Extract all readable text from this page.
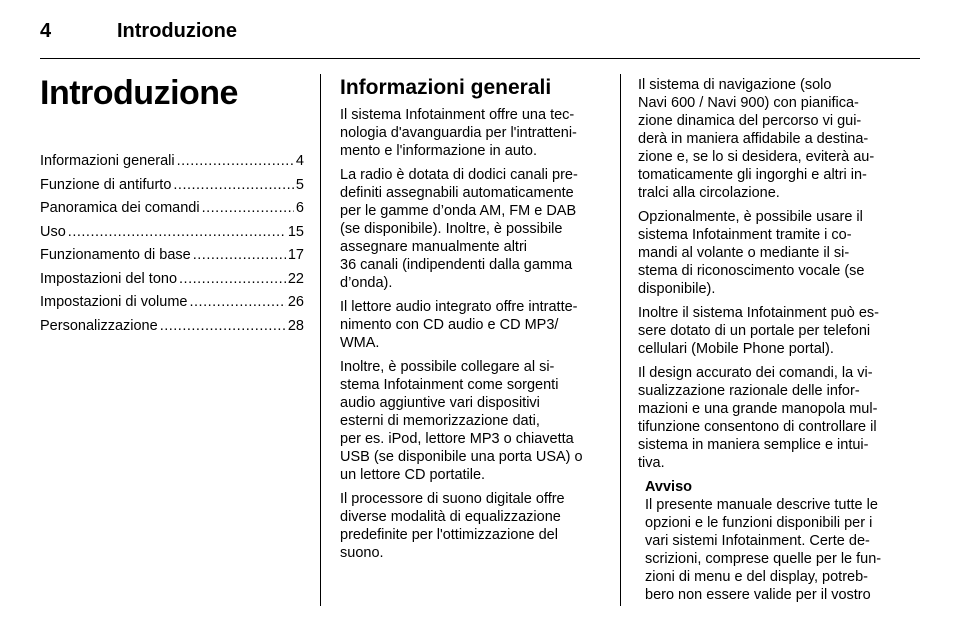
4	Introduzione
Introduzione
Informazioni generali .....	4
Funzione di antifurto .....	5
Panoramica dei comandi .....	6
Uso .....	15
Funzionamento di base .....	17
Impostazioni del tono .....	22
Impostazioni di volume .....	26
Personalizzazione .....	28
Informazioni generali

Il sistema Infotainment offre una tec-
nologia d'avanguardia per l'intratteni-
mento e l'informazione in auto.

La radio è dotata di dodici canali pre-
definiti assegnabili automaticamente
per le gamme d’onda AM, FM e DAB
(se disponibile). Inoltre, è possibile
assegnare manualmente altri
36 canali (indipendenti dalla gamma
d’onda).

Il lettore audio integrato offre intratte-
nimento con CD audio e CD MP3/
WMA.

Inoltre, è possibile collegare al si-
stema Infotainment come sorgenti
audio aggiuntive vari dispositivi
esterni di memorizzazione dati,
per es. iPod, lettore MP3 o chiavetta
USB (se disponibile una porta USA) o
un lettore CD portatile.

Il processore di suono digitale offre
diverse modalità di equalizzazione
predefinite per l'ottimizzazione del
suono.

Il sistema di navigazione (solo
Navi 600 / Navi 900) con pianifica-
zione dinamica del percorso vi gui-
derà in maniera affidabile a destina-
zione e, se lo si desidera, eviterà au-
tomaticamente gli ingorghi e altri in-
tralci alla circolazione.

Opzionalmente, è possibile usare il
sistema Infotainment tramite i co-
mandi al volante o mediante il si-
stema di riconoscimento vocale (se
disponibile).

Inoltre il sistema Infotainment può es-
sere dotato di un portale per telefoni
cellulari (Mobile Phone portal).

Il design accurato dei comandi, la vi-
sualizzazione razionale delle infor-
mazioni e una grande manopola mul-
tifunzione consentono di controllare il
sistema in maniera semplice e intui-
tiva.

Avviso
Il presente manuale descrive tutte le
opzioni e le funzioni disponibili per i
vari sistemi Infotainment. Certe de-
scrizioni, comprese quelle per le fun-
zioni di menu e del display, potreb-
bero non essere valide per il vostro
